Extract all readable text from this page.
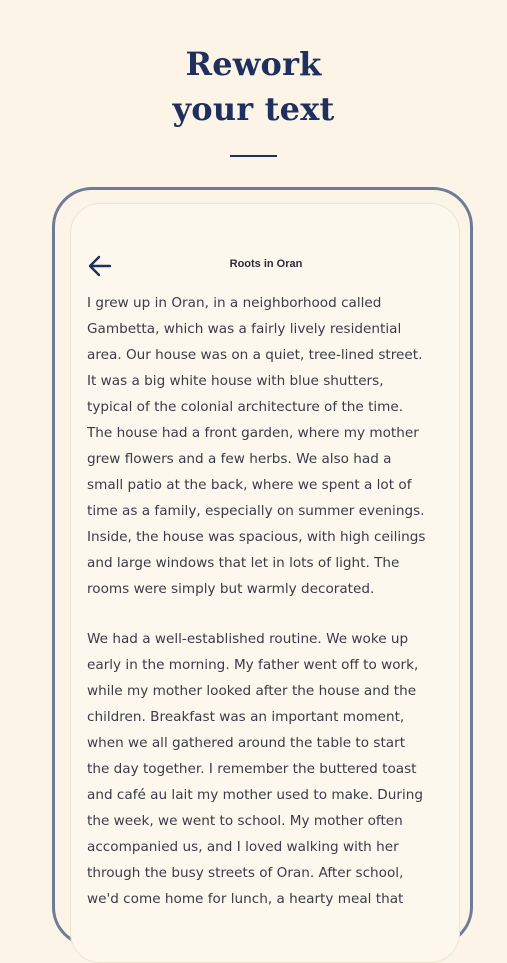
Rework
your text
Roots in Oran

I grew up in Oran, in a neighborhood called
Gambetta, which was a fairly lively residential
area. Our house was on a quiet, tree-lined street.
It was a big white house with blue shutters,
typical of the colonial architecture of the time.
The house had a front garden, where my mother
grew flowers and a few herbs. We also had a
small patio at the back, where we spent a lot of
time as a family, especially on summer evenings.
Inside, the house was spacious, with high ceilings
and large windows that let in lots of light. The
rooms were simply but warmly decorated.

We had a well-established routine. We woke up
early in the morning. My father went off to work,
while my mother looked after the house and the
children. Breakfast was an important moment,
when we all gathered around the table to start
the day together. I remember the buttered toast
and café au lait my mother used to make. During
the week, we went to school. My mother often
accompanied us, and I loved walking with her
through the busy streets of Oran. After school,
we'd come home for lunch, a hearty meal that
